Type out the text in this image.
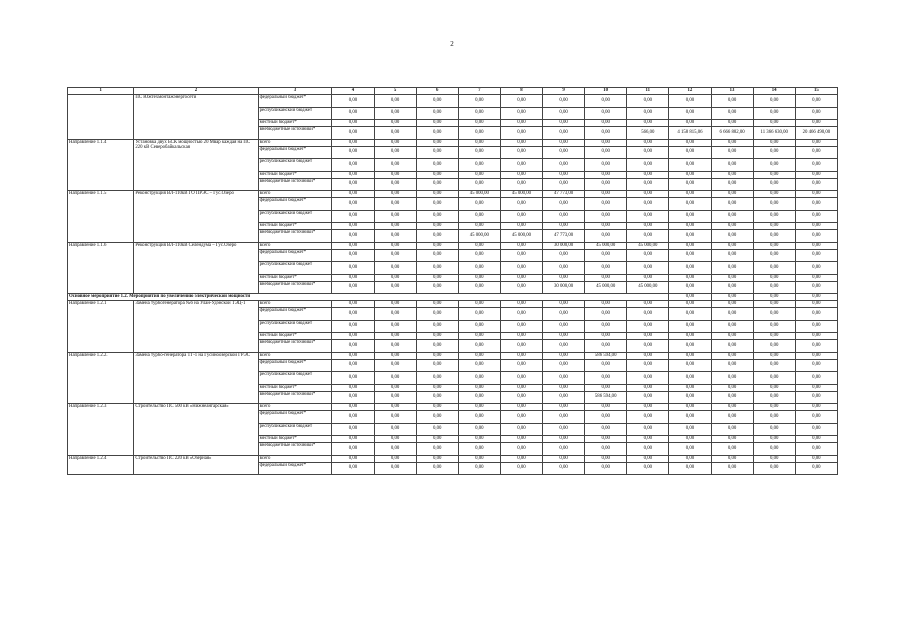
2
1	2	3	4	5	6	7	8	9	10	11	12	13	14	15
	ПС Южтехмонтажэнергосети	федеральный бюджет*	0,00	0,00	0,00	0,00	0,00	0,00	0,00	0,00	0,00	0,00	0,00	0,00
		республиканский бюджет	0,00	0,00	0,00	0,00	0,00	0,00	0,00	0,00	0,00	0,00	0,00	0,00
		местный бюджет*	0,00	0,00	0,00	0,00	0,00	0,00	0,00	0,00	0,00	0,00	0,00	0,00
		внебюджетные источники*	0,00	0,00	0,00	0,00	0,00	0,00	0,00	566,00	4 158 815,06	6 666 882,00	11 366 630,00	20 466 490,00
Направление 1.1.4	Установка двух БСК мощностью 20 Мвар каждая на ПС 220 кВ Северобайкальская	всего	0,00	0,00	0,00	0,00	0,00	0,00	0,00	0,00	0,00	0,00	0,00	0,00
		федеральный бюджет*	0,00	0,00	0,00	0,00	0,00	0,00	0,00	0,00	0,00	0,00	0,00	0,00
		республиканский бюджет	0,00	0,00	0,00	0,00	0,00	0,00	0,00	0,00	0,00	0,00	0,00	0,00
		местный бюджет*	0,00	0,00	0,00	0,00	0,00	0,00	0,00	0,00	0,00	0,00	0,00	0,00
		внебюджетные источники*	0,00	0,00	0,00	0,00	0,00	0,00	0,00	0,00	0,00	0,00	0,00	0,00
Направление 1.1.5	Реконструкция ВЛ-110кВ ГО ПРЭС – Гус.Озеро	всего	0,00	0,00	0,00	45 000,00	45 000,00	47 773,00	0,00	0,00	0,00	0,00	0,00	0,00
		федеральный бюджет*	0,00	0,00	0,00	0,00	0,00	0,00	0,00	0,00	0,00	0,00	0,00	0,00
		республиканский бюджет	0,00	0,00	0,00	0,00	0,00	0,00	0,00	0,00	0,00	0,00	0,00	0,00
		местный бюджет*	0,00	0,00	0,00	0,00	0,00	0,00	0,00	0,00	0,00	0,00	0,00	0,00
		внебюджетные источники*	0,00	0,00	0,00	45 000,00	45 000,00	47 773,00	0,00	0,00	0,00	0,00	0,00	0,00
Направление 1.1.6	Реконструкция ВЛ-110кВ Селендума – Гус.Озеро	всего	0,00	0,00	0,00	0,00	0,00	30 000,00	45 000,00	45 000,00	0,00	0,00	0,00	0,00
		федеральный бюджет*	0,00	0,00	0,00	0,00	0,00	0,00	0,00	0,00	0,00	0,00	0,00	0,00
		республиканский бюджет	0,00	0,00	0,00	0,00	0,00	0,00	0,00	0,00	0,00	0,00	0,00	0,00
		местный бюджет*	0,00	0,00	0,00	0,00	0,00	0,00	0,00	0,00	0,00	0,00	0,00	0,00
		внебюджетные источники*	0,00	0,00	0,00	0,00	0,00	30 000,00	45 000,00	45 000,00	0,00	0,00	0,00	0,00
Основное мероприятие 1.2. Мероприятия по увеличению электрической мощности											0,00	0,00	0,00	0,00
Направление 1.2.1	Замена турбогенератора №6 на Улан-Удэнской ТЭЦ-1	всего	0,00	0,00	0,00	0,00	0,00	0,00	0,00	0,00	0,00	0,00	0,00	0,00
		федеральный бюджет*	0,00	0,00	0,00	0,00	0,00	0,00	0,00	0,00	0,00	0,00	0,00	0,00
		республиканский бюджет	0,00	0,00	0,00	0,00	0,00	0,00	0,00	0,00	0,00	0,00	0,00	0,00
		местный бюджет*	0,00	0,00	0,00	0,00	0,00	0,00	0,00	0,00	0,00	0,00	0,00	0,00
		внебюджетные источники*	0,00	0,00	0,00	0,00	0,00	0,00	0,00	0,00	0,00	0,00	0,00	0,00
Направление 1.2.2.	Замена турбо-генератора ТГ-1 на Гусиноозерской ГРЭС	всего	0,00	0,00	0,00	0,00	0,00	0,00	586 594,00	0,00	0,00	0,00	0,00	0,00
		федеральный бюджет*	0,00	0,00	0,00	0,00	0,00	0,00	0,00	0,00	0,00	0,00	0,00	0,00
		республиканский бюджет	0,00	0,00	0,00	0,00	0,00	0,00	0,00	0,00	0,00	0,00	0,00	0,00
		местный бюджет*	0,00	0,00	0,00	0,00	0,00	0,00	0,00	0,00	0,00	0,00	0,00	0,00
		внебюджетные источники*	0,00	0,00	0,00	0,00	0,00	0,00	586 594,00	0,00	0,00	0,00	0,00	0,00
Направление 1.2.3	Строительство ПС 500 кВ «Нижнеангарская»	всего	0,00	0,00	0,00	0,00	0,00	0,00	0,00	0,00	0,00	0,00	0,00	0,00
		федеральный бюджет*	0,00	0,00	0,00	0,00	0,00	0,00	0,00	0,00	0,00	0,00	0,00	0,00
		республиканский бюджет	0,00	0,00	0,00	0,00	0,00	0,00	0,00	0,00	0,00	0,00	0,00	0,00
		местный бюджет*	0,00	0,00	0,00	0,00	0,00	0,00	0,00	0,00	0,00	0,00	0,00	0,00
		внебюджетные источники*	0,00	0,00	0,00	0,00	0,00	0,00	0,00	0,00	0,00	0,00	0,00	0,00
Направление 1.2.4	Строительство ПС 220 кВ «Озерная»	всего	0,00	0,00	0,00	0,00	0,00	0,00	0,00	0,00	0,00	0,00	0,00	0,00
		федеральный бюджет*	0,00	0,00	0,00	0,00	0,00	0,00	0,00	0,00	0,00	0,00	0,00	0,00
